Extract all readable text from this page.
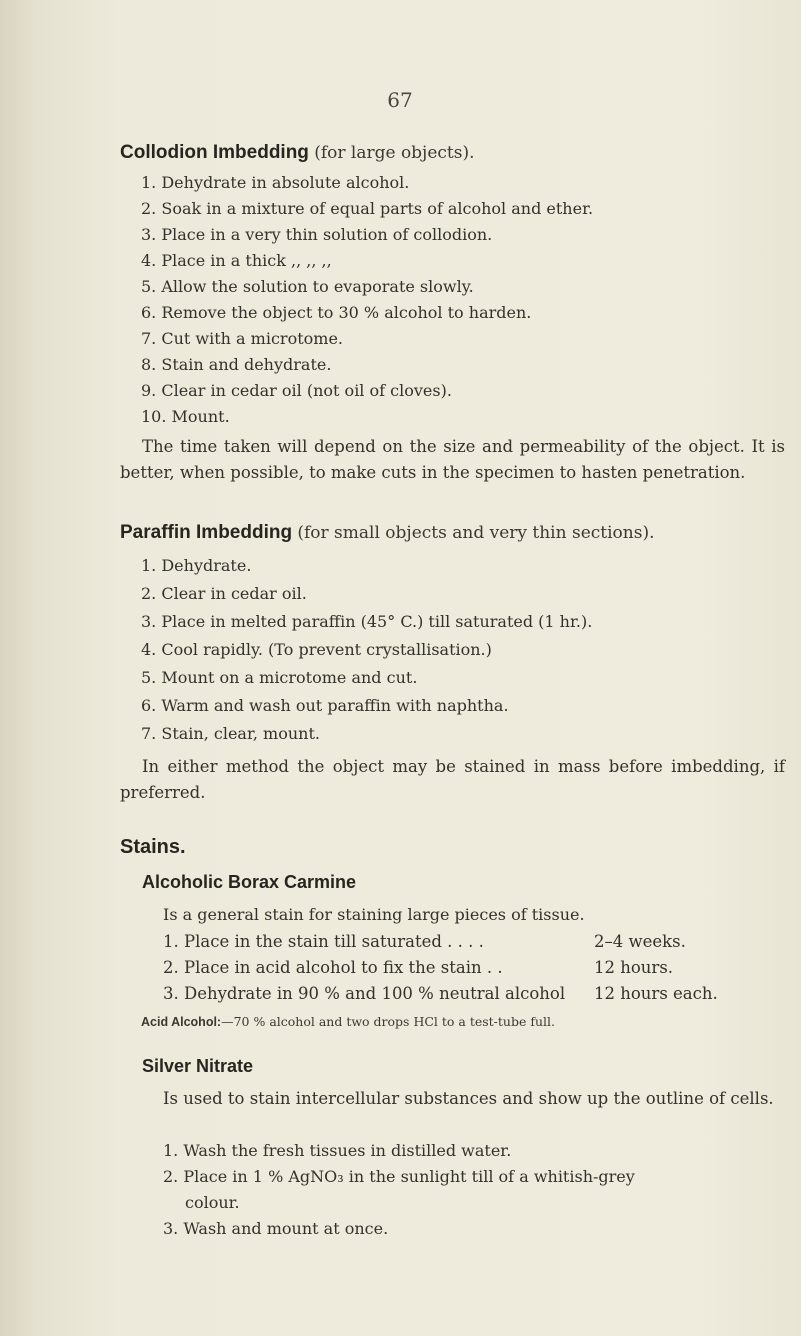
67
Collodion Imbedding (for large objects).
1. Dehydrate in absolute alcohol.
2. Soak in a mixture of equal parts of alcohol and ether.
3. Place in a very thin solution of collodion.
4. Place in a thick ,, ,, ,,
5. Allow the solution to evaporate slowly.
6. Remove the object to 30 % alcohol to harden.
7. Cut with a microtome.
8. Stain and dehydrate.
9. Clear in cedar oil (not oil of cloves).
10. Mount.
The time taken will depend on the size and permeability of the object. It is better, when possible, to make cuts in the specimen to hasten penetration.
Paraffin Imbedding (for small objects and very thin sections).
1. Dehydrate.
2. Clear in cedar oil.
3. Place in melted paraffin (45° C.) till saturated (1 hr.).
4. Cool rapidly. (To prevent crystallisation.)
5. Mount on a microtome and cut.
6. Warm and wash out paraffin with naphtha.
7. Stain, clear, mount.
In either method the object may be stained in mass before imbedding, if preferred.
Stains.
Alcoholic Borax Carmine
Is a general stain for staining large pieces of tissue.
1. Place in the stain till saturated . . . .	2–4 weeks.
2. Place in acid alcohol to fix the stain . .	12 hours.
3. Dehydrate in 90 % and 100 % neutral alcohol 12 hours each.
Acid Alcohol:—70 % alcohol and two drops HCl to a test-tube full.
Silver Nitrate
Is used to stain intercellular substances and show up the outline of cells.
1. Wash the fresh tissues in distilled water.
2. Place in 1 % AgNO₃ in the sunlight till of a whitish-grey
colour.
3. Wash and mount at once.
